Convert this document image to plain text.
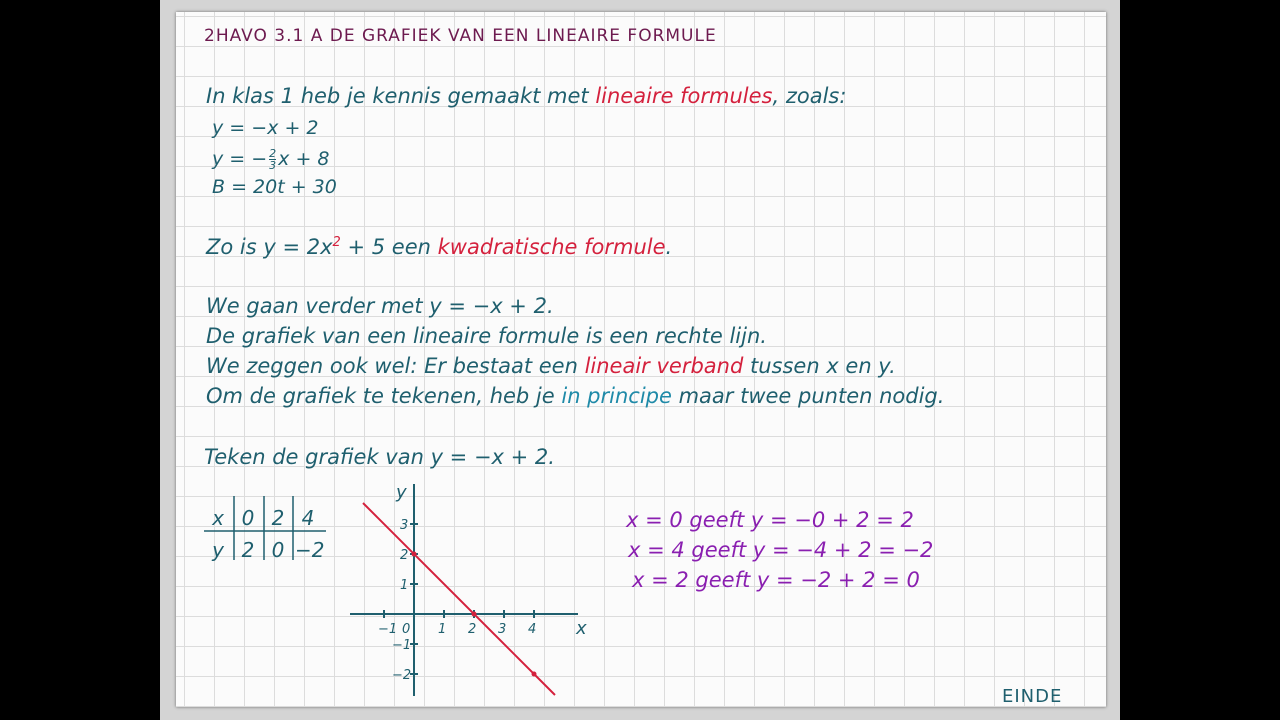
2HAVO 3.1 A DE GRAFIEK VAN EEN LINEAIRE FORMULE
In klas 1 heb je kennis gemaakt met lineaire formules, zoals:
y = −x + 2
y = − $\frac{2}{3}$ x + 8
B = 20t + 30
Zo is $y = 2x^2 + 5$ een kwadratische formule.
We gaan verder met y = −x + 2.
De grafiek van een lineaire formule is een rechte lijn.
We zeggen ook wel: Er bestaat een lineair verband tussen x en y.
Om de grafiek te tekenen, heb je in principe maar twee punten nodig.
Teken de grafiek van y = −x + 2.
x 0 2 4
y 2 0 −2
x
y
−1 0 1 2 3 4
3
2
1
−1
−2
x = 0 geeft y = −0 + 2 = 2
x = 4 geeft y = −4 + 2 = −2
x = 2 geeft y = −2 + 2 = 0
EINDE
